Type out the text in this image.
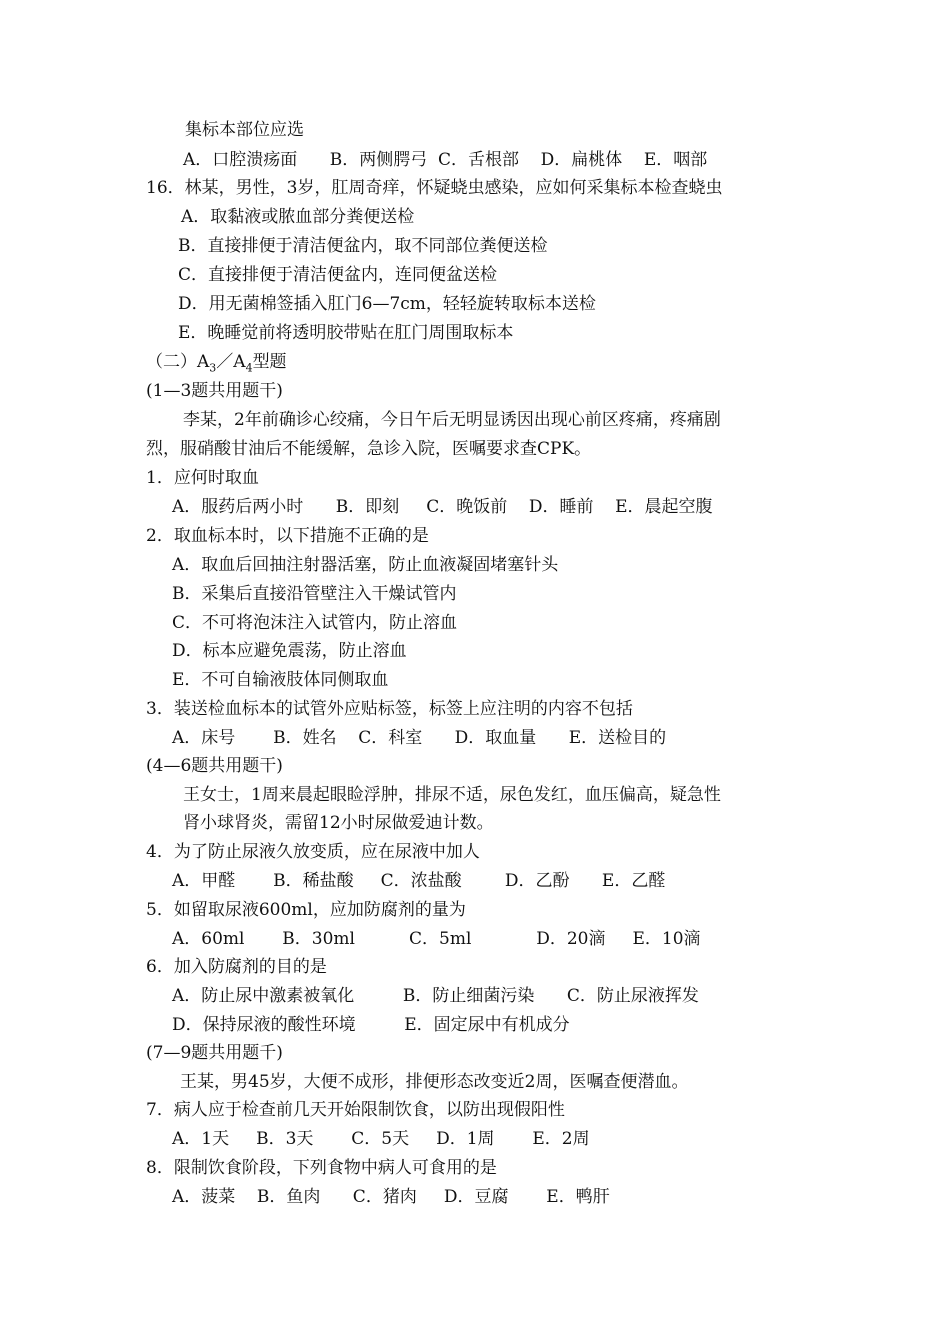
集标本部位应选
A．口腔溃疡面      B．两侧腭弓  C．舌根部    D．扁桃体    E．咽部
16．林某，男性，3岁，肛周奇痒，怀疑蛲虫感染，应如何采集标本检查蛲虫
A．取黏液或脓血部分粪便送检
B．直接排便于清洁便盆内，取不同部位粪便送检
C．直接排便于清洁便盆内，连同便盆送检
D．用无菌棉签插入肛门6—7cm，轻轻旋转取标本送检
E．晚睡觉前将透明胶带贴在肛门周围取标本
（二）$A_3/A_4$型题
(1—3题共用题干)
李某，2年前确诊心绞痛，今日午后无明显诱因出现心前区疼痛，疼痛剧
烈，服硝酸甘油后不能缓解，急诊入院，医嘱要求查CPK。
1．应何时取血
A．服药后两小时      B．即刻     C．晚饭前    D．睡前    E．晨起空腹
2．取血标本时，以下措施不正确的是
A．取血后回抽注射器活塞，防止血液凝固堵塞针头
B．采集后直接沿管壁注入干燥试管内
C．不可将泡沫注入试管内，防止溶血
D．标本应避免震荡，防止溶血
E．不可自输液肢体同侧取血
3．装送检血标本的试管外应贴标签，标签上应注明的内容不包括
A．床号       B．姓名    C．科室      D．取血量      E．送检目的
(4—6题共用题干)
王女士，1周来晨起眼睑浮肿，排尿不适，尿色发红，血压偏高，疑急性
肾小球肾炎，需留12小时尿做爱迪计数。
4．为了防止尿液久放变质，应在尿液中加人
A．甲醛       B．稀盐酸     C．浓盐酸        D．乙酚      E．乙醛
5．如留取尿液600ml，应加防腐剂的量为
A．60ml       B．30ml          C．5ml            D．20滴     E．10滴
6．加入防腐剂的目的是
A．防止尿中激素被氧化         B．防止细菌污染      C．防止尿液挥发
D．保持尿液的酸性环境         E．固定尿中有机成分
(7—9题共用题千)
王某，男45岁，大便不成形，排便形态改变近2周，医嘱查便潜血。
7．病人应于检查前几天开始限制饮食，以防出现假阳性
A．1天     B．3天       C．5天     D．1周       E．2周
8．限制饮食阶段，下列食物中病人可食用的是
A．菠菜    B．鱼肉      C．猪肉     D．豆腐       E．鸭肝
